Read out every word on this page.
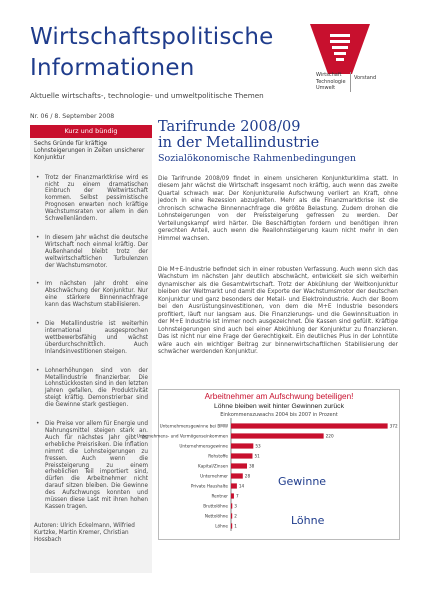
Wirtschaftspolitische
Informationen
Aktuelle wirtschafts-, technologie- und umweltpolitische Themen
Wirtschaft
Technologie
Umwelt
Vorstand
Nr. 06 / 8. September 2008
Kurz und bündig
Sechs Gründe für kräftige Lohnsteigerungen in Zeiten unsicherer Konjunktur
• Trotz der Finanzmarktkrise wird es nicht zu einem dramatischen Einbruch der Weltwirtschaft kommen. Selbst pessimistische Prognosen erwarten noch kräftige Wachstumsraten vor allem in den Schwellenländern.
• In diesem Jahr wächst die deutsche Wirtschaft noch einmal kräftig. Der Außenhandel bleibt trotz der weltwirtschaftlichen Turbulenzen der Wachstumsmotor.
• Im nächsten Jahr droht eine Abschwächung der Konjunktur. Nur eine stärkere Binnennachfrage kann das Wachstum stabilisieren.
• Die Metallindustrie ist weiterhin international ausgesprochen wettbewerbsfähig und wächst überdurchschnittlich. Auch Inlandsinvestitionen steigen.
• Lohnerhöhungen sind von der Metallindustrie finanzierbar. Die Lohnstückkosten sind in den letzten Jahren gefallen, die Produktivität steigt kräftig. Demonstrierbar sind die Gewinne stark gestiegen.
• Die Preise vor allem für Energie und Nahrungsmittel steigen stark an. Auch für nächstes Jahr gibt es erhebliche Preisrisiken. Die Inflation nimmt die Lohnsteigerungen zu fressen. Auch wenn die Preissteigerung zu einem erheblichen Teil importiert sind, dürfen die Arbeitnehmer nicht darauf sitzen bleiben. Die Gewinne des Aufschwungs konnten und müssen diese Last mit ihren hohen Kassen tragen.
Autoren: Ulrich Eckelmann, Wilfried Kurtzke, Martin Kremer, Christian Hossbach
Tarifrunde 2008/09
in der Metallindustrie
Sozialökonomische Rahmenbedingungen
Die Tarifrunde 2008/09 findet in einem unsicheren Konjunkturklima statt. In diesem Jahr wächst die Wirtschaft insgesamt noch kräftig, auch wenn das zweite Quartal schwach war. Der Konjunkturelle Aufschwung verliert an Kraft, ohne jedoch in eine Rezession abzugleiten. Mehr als die Finanzmarktkrise ist die chronisch schwache Binnennachfrage die größte Belastung. Zudem drohen die Lohnsteigerungen von der Preissteigerung gefressen zu werden. Der Verteilungskampf wird härter. Die Beschäftigten fordern und benötigen ihren gerechten Anteil, auch wenn die Reallohnsteigerung kaum nicht mehr in den Himmel wachsen.
Die M+E-Industrie befindet sich in einer robusten Verfassung. Auch wenn sich das Wachstum im nächsten Jahr deutlich abschwächt, entwickelt sie sich weiterhin dynamischer als die Gesamtwirtschaft. Trotz der Abkühlung der Weltkonjunktur bleiben der Weltmarkt und damit die Exporte der Wachstumsmotor der deutschen Konjunktur und ganz besonders der Metall- und Elektroindustrie. Auch der Boom bei den Ausrüstungsinvestitionen, von dem die M+E Industrie besonders profitiert, läuft nur langsam aus. Die Finanzierungs- und die Gewinnsituation in der M+E Industrie ist immer noch ausgezeichnet. Die Kassen sind gefüllt. Kräftige Lohnsteigerungen sind auch bei einer Abkühlung der Konjunktur zu finanzieren. Das ist nicht nur eine Frage der Gerechtigkeit. Ein deutliches Plus in der Lohntüte wäre auch ein wichtiger Beitrag zur binnenwirtschaftlichen Stabilisierung der schwächer werdenden Konjunktur.
Arbeitnehmer am Aufschwung beteiligen!
Löhne bleiben weit hinter Gewinnen zurück
Einkommenszuwachs 2004 bis 2007 in Prozent
Unternehmensgewinne bei BMW	372
Unternehmens- und Vermögenseinkommen	220
Unternehmensgewinne	53
Rohstoffe	51
Kapital/Zinsen	38
Unternehmer	28
Private Haushalte	14
Rentner 7
Bruttolöhne 3
Nettolöhne 2
Löhne 1
Gewinne
Löhne
